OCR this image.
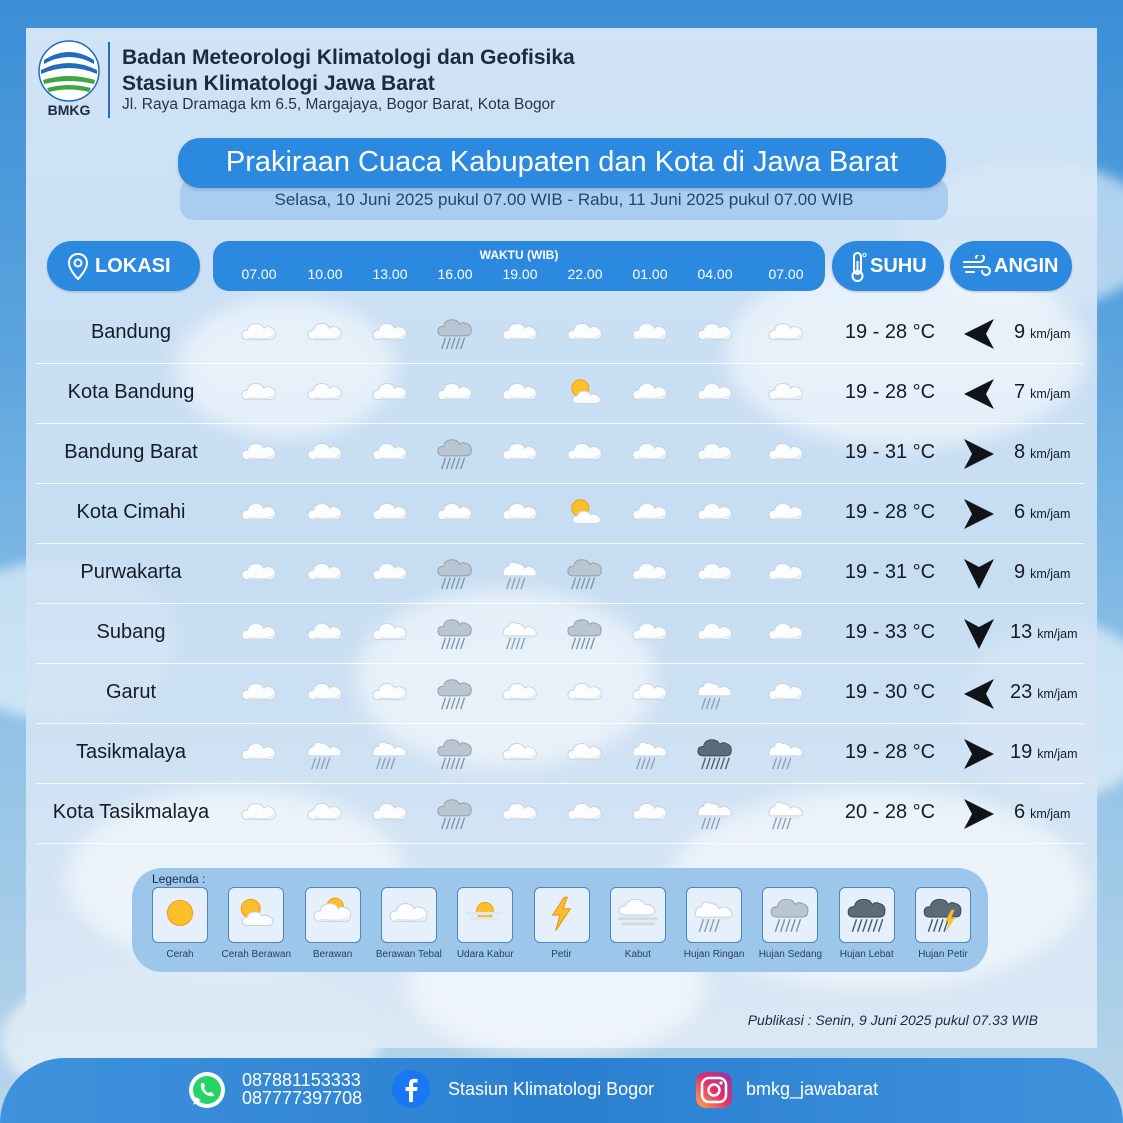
BMKG
Badan Meteorologi Klimatologi dan Geofisika
Stasiun Klimatologi Jawa Barat
Jl. Raya Dramaga km 6.5, Margajaya, Bogor Barat, Kota Bogor
Selasa, 10 Juni 2025 pukul 07.00 WIB - Rabu, 11 Juni 2025 pukul 07.00 WIB
Prakiraan Cuaca Kabupaten dan Kota di Jawa Barat
LOKASI	WAKTU (WIB)
07.00	10.00	13.00	16.00	19.00	22.00	01.00	04.00	07.00	SUHU	ANGIN
Bandung	19 - 28 °C	9 km/jam
Kota Bandung	19 - 28 °C	7 km/jam
Bandung Barat	19 - 31 °C	8 km/jam
Kota Cimahi	19 - 28 °C	6 km/jam
Purwakarta	19 - 31 °C	9 km/jam
Subang	19 - 33 °C	13 km/jam
Garut	19 - 30 °C	23 km/jam
Tasikmalaya	19 - 28 °C	19 km/jam
Kota Tasikmalaya	20 - 28 °C	6 km/jam
Legenda :
Cerah	Cerah Berawan	Berawan	Berawan Tebal	Udara Kabur	Petir	Kabut	Hujan Ringan	Hujan Sedang	Hujan Lebat	Hujan Petir
Publikasi : Senin, 9 Juni 2025 pukul 07.33 WIB
087881153333
087777397708	Stasiun Klimatologi Bogor	bmkg_jawabarat
